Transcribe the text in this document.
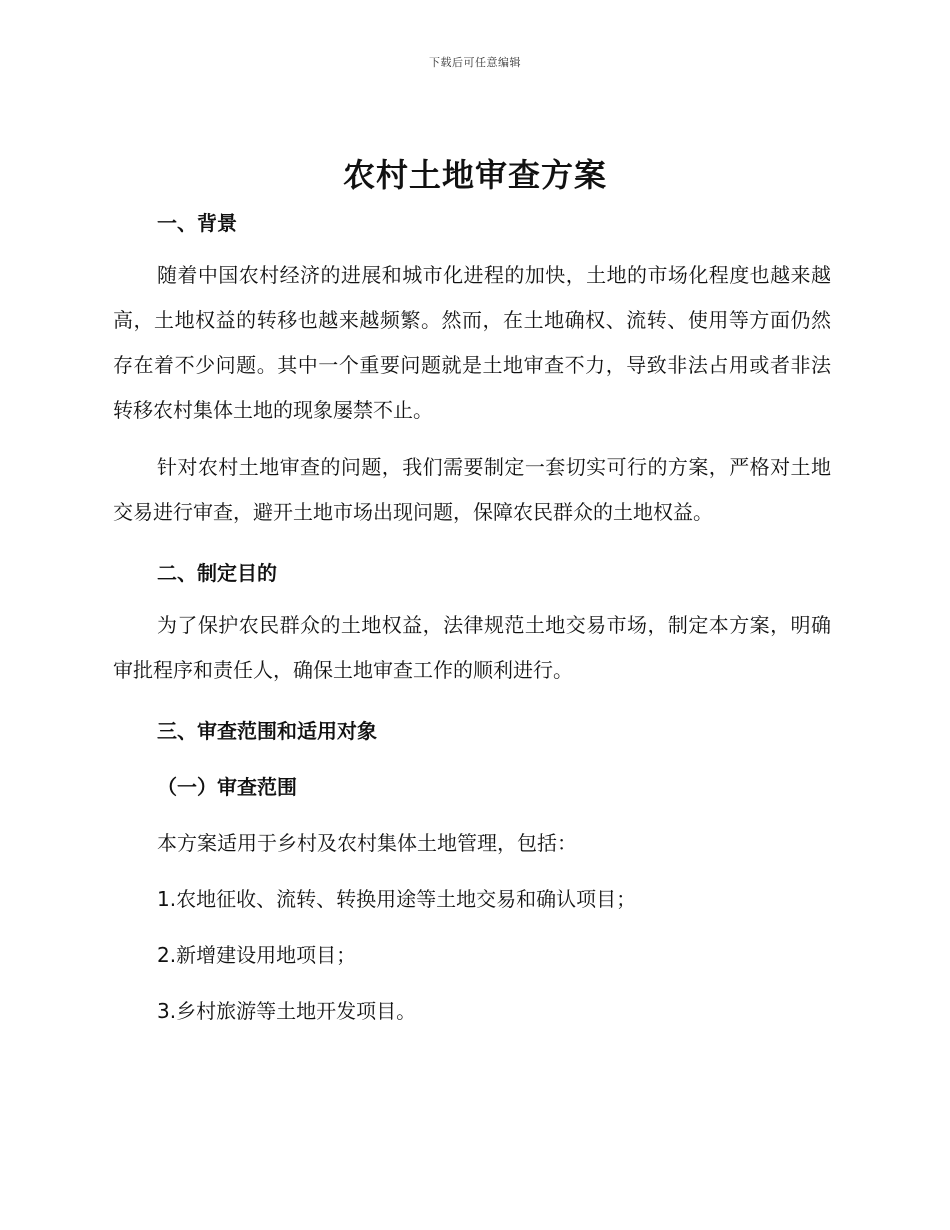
下载后可任意编辑
农村土地审查方案
一、背景

随着中国农村经济的进展和城市化进程的加快，土地的市场化程度也越来越高，土地权益的转移也越来越频繁。然而，在土地确权、流转、使用等方面仍然存在着不少问题。其中一个重要问题就是土地审查不力，导致非法占用或者非法转移农村集体土地的现象屡禁不止。

针对农村土地审查的问题，我们需要制定一套切实可行的方案，严格对土地交易进行审查，避开土地市场出现问题，保障农民群众的土地权益。

二、制定目的

为了保护农民群众的土地权益，法律规范土地交易市场，制定本方案，明确审批程序和责任人，确保土地审查工作的顺利进行。

三、审查范围和适用对象
（一）审查范围

本方案适用于乡村及农村集体土地管理，包括：

1.农地征收、流转、转换用途等土地交易和确认项目；

2.新增建设用地项目；

3.乡村旅游等土地开发项目。
